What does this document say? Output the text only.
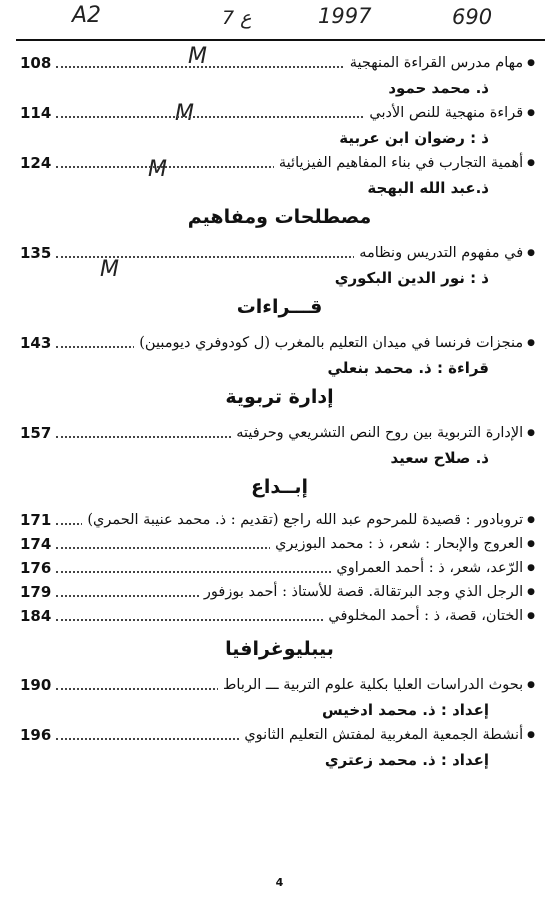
A2	7 ع	1997	690
M
M
M
M
108	●مهام مدرس القراءة المنهجية
ذ. محمد حمود
114	●قراءة منهجية للنص الأدبي
ذ : رضوان ابن عربية
124	●أهمية التجارب في بناء المفاهيم الفيزيائية
ذ.عبد الله البهجة
مصطلحات ومفاهيم
135	●في مفهوم التدريس ونظامه
ذ : نور الدين البكوري
قـــراءات
143	●منجزات فرنسا في ميدان التعليم بالمغرب (ل كودوفري ديومبين)
قراءة : ذ. محمد بنعلي
إدارة تربوية
157	●الإدارة التربوية بين روح النص التشريعي وحرفيته
ذ. صلاح سعيد
إبــداع
171	●تروبادور : قصيدة للمرحوم عبد الله راجع (تقديم : ذ. محمد عنيبة الحمري)
174	●العروج والإبحار : شعر، ذ : محمد البوزيري
176	●الرّعد، شعر، ذ : أحمد العمراوي
179	●الرجل الذي وجد البرتقالة. قصة للأستاذ : أحمد بوزفور
184	●الختان، قصة، ذ : أحمد المخلوفي
بيبليوغرافيا
190	●بحوث الدراسات العليا بكلية علوم التربية ـــ الرباط
إعداد : ذ. محمد ادخيس
196	●أنشطة الجمعية المغربية لمفتش التعليم الثانوي
إعداد : ذ. محمد زعتري
4
